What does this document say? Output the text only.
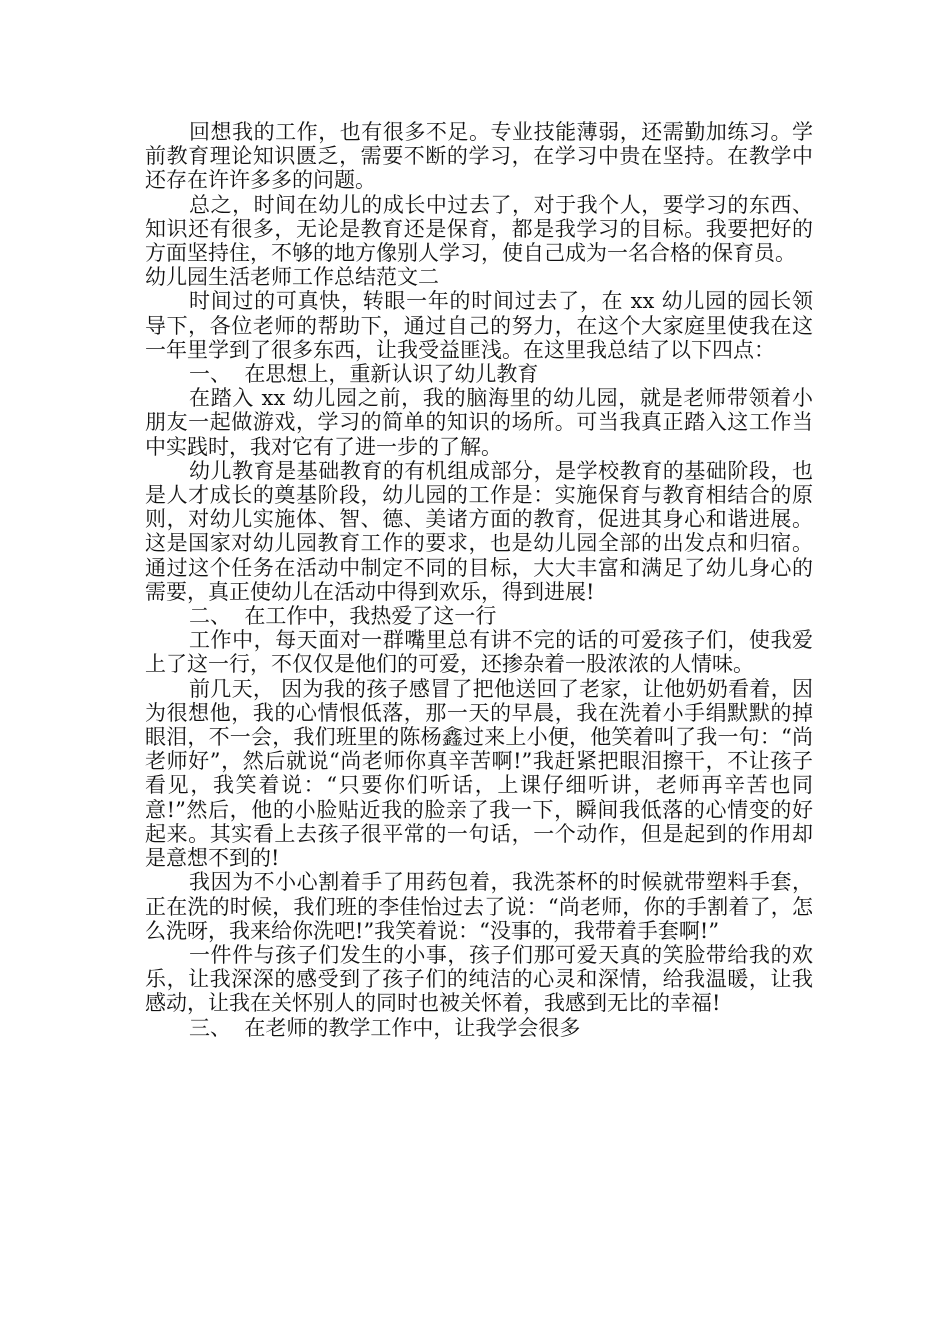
回想我的工作，也有很多不足。专业技能薄弱，还需勤加练习。学前教育理论知识匮乏，需要不断的学习，在学习中贵在坚持。在教学中还存在许许多多的问题。

总之，时间在幼儿的成长中过去了，对于我个人，要学习的东西、知识还有很多，无论是教育还是保育，都是我学习的目标。我要把好的方面坚持住，不够的地方像别人学习，使自己成为一名合格的保育员。

幼儿园生活老师工作总结范文二

时间过的可真快，转眼一年的时间过去了，在 xx 幼儿园的园长领导下，各位老师的帮助下，通过自己的努力，在这个大家庭里使我在这一年里学到了很多东西，让我受益匪浅。在这里我总结了以下四点：

一、  在思想上，重新认识了幼儿教育

在踏入 xx 幼儿园之前，我的脑海里的幼儿园，就是老师带领着小朋友一起做游戏，学习的简单的知识的场所。可当我真正踏入这工作当中实践时，我对它有了进一步的了解。

幼儿教育是基础教育的有机组成部分，是学校教育的基础阶段，也是人才成长的奠基阶段，幼儿园的工作是：实施保育与教育相结合的原则，对幼儿实施体、智、德、美诸方面的教育，促进其身心和谐进展。这是国家对幼儿园教育工作的要求，也是幼儿园全部的出发点和归宿。通过这个任务在活动中制定不同的目标，大大丰富和满足了幼儿身心的需要，真正使幼儿在活动中得到欢乐，得到进展!

二、  在工作中，我热爱了这一行

工作中，每天面对一群嘴里总有讲不完的话的可爱孩子们，使我爱上了这一行，不仅仅是他们的可爱，还掺杂着一股浓浓的人情味。

前几天， 因为我的孩子感冒了把他送回了老家，让他奶奶看着，因为很想他，我的心情恨低落，那一天的早晨，我在洗着小手绢默默的掉眼泪，不一会，我们班里的陈杨鑫过来上小便，他笑着叫了我一句：“尚老师好”，然后就说“尚老师你真辛苦啊!”我赶紧把眼泪擦干，不让孩子看见，我笑着说：“只要你们听话，上课仔细听讲，老师再辛苦也同意!”然后，他的小脸贴近我的脸亲了我一下，瞬间我低落的心情变的好起来。其实看上去孩子很平常的一句话，一个动作，但是起到的作用却是意想不到的!

我因为不小心割着手了用药包着，我洗茶杯的时候就带塑料手套，正在洗的时候，我们班的李佳怡过去了说：“尚老师，你的手割着了，怎么洗呀，我来给你洗吧!”我笑着说：“没事的，我带着手套啊!”

一件件与孩子们发生的小事，孩子们那可爱天真的笑脸带给我的欢乐，让我深深的感受到了孩子们的纯洁的心灵和深情，给我温暖，让我感动，让我在关怀别人的同时也被关怀着，我感到无比的幸福!

三、  在老师的教学工作中，让我学会很多
